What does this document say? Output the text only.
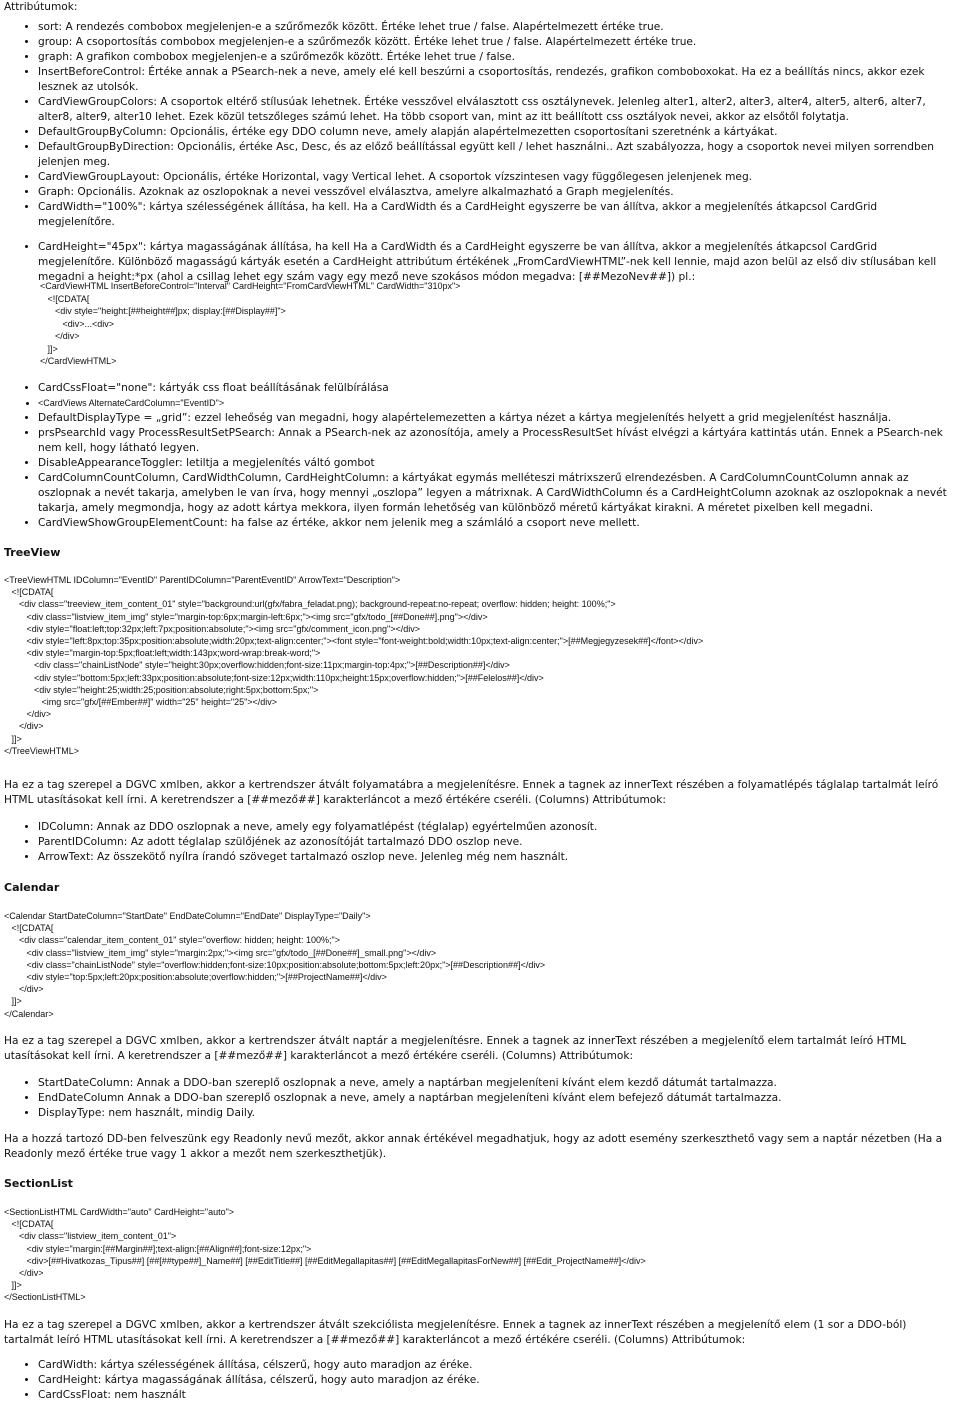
Attribútumok:

• sort: A rendezés combobox megjelenjen-e a szűrőmezők között. Értéke lehet true / false. Alapértelmezett értéke true.
• group: A csoportosítás combobox megjelenjen-e a szűrőmezők között. Értéke lehet true / false. Alapértelmezett értéke true.
• graph: A grafikon combobox megjelenjen-e a szűrőmezők között. Értéke lehet true / false.
• InsertBeforeControl: Értéke annak a PSearch-nek a neve, amely elé kell beszúrni a csoportosítás, rendezés, grafikon comboboxokat. Ha ez a beállítás nincs, akkor ezek lesznek az utolsók.
• CardViewGroupColors: A csoportok eltérő stílusúak lehetnek. Értéke vesszővel elválasztott css osztálynevek. Jelenleg alter1, alter2, alter3, alter4, alter5, alter6, alter7, alter8, alter9, alter10 lehet. Ezek közül tetszőleges számú lehet. Ha több csoport van, mint az itt beállított css osztályok nevei, akkor az elsőtől folytatja.
• DefaultGroupByColumn: Opcionális, értéke egy DDO column neve, amely alapján alapértelmezetten csoportosítani szeretnénk a kártyákat.
• DefaultGroupByDirection: Opcionális, értéke Asc, Desc, és az előző beállítással együtt kell / lehet használni.. Azt szabályozza, hogy a csoportok nevei milyen sorrendben jelenjen meg.
• CardViewGroupLayout: Opcionális, értéke Horizontal, vagy Vertical lehet. A csoportok vízszintesen vagy függőlegesen jelenjenek meg.
• Graph: Opcionális. Azoknak az oszlopoknak a nevei vesszővel elválasztva, amelyre alkalmazható a Graph megjelenítés.
• CardWidth="100%": kártya szélességének állítása, ha kell. Ha a CardWidth és a CardHeight egyszerre be van állítva, akkor a megjelenítés átkapcsol CardGrid megjelenítőre.
• CardHeight="45px": kártya magasságának állítása, ha kell Ha a CardWidth és a CardHeight egyszerre be van állítva, akkor a megjelenítés átkapcsol CardGrid megjelenítőre. Különböző magasságú kártyák esetén a CardHeight attribútum értékének „FromCardViewHTML”-nek kell lennie, majd azon belül az első div stílusában kell megadni a height:*px (ahol a csillag lehet egy szám vagy egy mező neve szokásos módon megadva: [##MezoNev##]) pl.:
<CardViewHTML InsertBeforeControl="Interval" CardHeight="FromCardViewHTML" CardWidth="310px">
<![CDATA[
<div style="height:[##height##]px; display:[##Display##]">
<div>...<div>
</div>
]]>
</CardViewHTML>
• CardCssFloat="none": kártyák css float beállításának felülbírálása
• <CardViews AlternateCardColumn="EventID">
• DefaultDisplayType = „grid”: ezzel leheőség van megadni, hogy alapértelemezetten a kártya nézet a kártya megjelenítés helyett a grid megjelenítést használja.
• prsPsearchId vagy ProcessResultSetPSearch: Annak a PSearch-nek az azonosítója, amely a ProcessResultSet hívást elvégzi a kártyára kattintás után. Ennek a PSearch-nek nem kell, hogy látható legyen.
• DisableAppearanceToggler: letiltja a megjelenítés váltó gombot
• CardColumnCountColumn, CardWidthColumn, CardHeightColumn: a kártyákat egymás melléteszi mátrixszerű elrendezésben. A CardColumnCountColumn annak az oszlopnak a nevét takarja, amelyben le van írva, hogy mennyi „oszlopa” legyen a mátrixnak. A CardWidthColumn és a CardHeightColumn azoknak az oszlopoknak a nevét takarja, amely megmondja, hogy az adott kártya mekkora, ilyen formán lehetőség van különböző méretű kártyákat kirakni. A méretet pixelben kell megadni.
• CardViewShowGroupElementCount: ha false az értéke, akkor nem jelenik meg a számláló a csoport neve mellett.

TreeView

<TreeViewHTML IDColumn="EventID" ParentIDColumn="ParentEventID" ArrowText="Description">
<![CDATA[
<div class="treeview_item_content_01" style="background:url(gfx/fabra_feladat.png); background-repeat:no-repeat; overflow: hidden; height: 100%;">
<div class="listview_item_img" style="margin-top:6px;margin-left:6px;"><img src="gfx/todo_[##Done##].png"></div>
<div style="float:left;top:32px;left:7px;position:absolute;"><img src="gfx/comment_icon.png"></div>
<div style="left:8px;top:35px;position:absolute;width:20px;text-align:center;"><font style="font-weight:bold;width:10px;text-align:center;">[##Megjegyzesek##]</font></div>
<div style="margin-top:5px;float:left;width:143px;word-wrap:break-word;">
<div class="chainListNode" style="height:30px;overflow:hidden;font-size:11px;margin-top:4px;">[##Description##]</div>
<div style="bottom:5px;left:33px;position:absolute;font-size:12px;width:110px;height:15px;overflow:hidden;">[##Felelos##]</div>
<div style="height:25;width:25;position:absolute;right:5px;bottom:5px;">
<img src="gfx/[##Ember##]" width="25" height="25"></div>
</div>
</div>
]]>
</TreeViewHTML>

Ha ez a tag szerepel a DGVC xmlben, akkor a kertrendszer átvált folyamatábra a megjelenítésre. Ennek a tagnek az innerText részében a folyamatlépés táglalap tartalmát leíró HTML utasításokat kell írni. A keretrendszer a [##mező##] karakterláncot a mező értékére cseréli. (Columns) Attribútumok:

• IDColumn: Annak az DDO oszlopnak a neve, amely egy folyamatlépést (téglalap) egyértelműen azonosít.
• ParentIDColumn: Az adott téglalap szülőjének az azonosítóját tartalmazó DDO oszlop neve.
• ArrowText: Az összekötő nyílra írandó szöveget tartalmazó oszlop neve. Jelenleg még nem használt.

Calendar

<Calendar StartDateColumn="StartDate" EndDateColumn="EndDate" DisplayType="Daily">
<![CDATA[
<div class="calendar_item_content_01" style="overflow: hidden; height: 100%;">
<div class="listview_item_img" style="margin:2px;"><img src="gfx/todo_[##Done##]_small.png"></div>
<div class="chainListNode" style="overflow:hidden;font-size:10px;position:absolute;bottom:5px;left:20px;">[##Description##]</div>
<div style="top:5px;left:20px;position:absolute;overflow:hidden;">[##ProjectName##]</div>
</div>
]]>
</Calendar>

Ha ez a tag szerepel a DGVC xmlben, akkor a kertrendszer átvált naptár a megjelenítésre. Ennek a tagnek az innerText részében a megjelenítő elem tartalmát leíró HTML utasításokat kell írni. A keretrendszer a [##mező##] karakterláncot a mező értékére cseréli. (Columns) Attribútumok:

• StartDateColumn: Annak a DDO-ban szereplő oszlopnak a neve, amely a naptárban megjeleníteni kívánt elem kezdő dátumát tartalmazza.
• EndDateColumn Annak a DDO-ban szereplő oszlopnak a neve, amely a naptárban megjeleníteni kívánt elem befejező dátumát tartalmazza.
• DisplayType: nem használt, mindig Daily.

Ha a hozzá tartozó DD-ben felveszünk egy Readonly nevű mezőt, akkor annak értékével megadhatjuk, hogy az adott esemény szerkeszthető vagy sem a naptár nézetben (Ha a Readonly mező értéke true vagy 1 akkor a mezőt nem szerkeszthetjük).

SectionList

<SectionListHTML CardWidth="auto" CardHeight="auto">
<![CDATA[
<div class="listview_item_content_01">
<div style="margin:[##Margin##];text-align:[##Align##];font-size:12px;">
<div>[##Hivatkozas_Tipus##] [##[##type##]_Name##] [##EditTitle##] [##EditMegallapitas##] [##EditMegallapitasForNew##] [##Edit_ProjectName##]</div>
</div>
]]>
</SectionListHTML>

Ha ez a tag szerepel a DGVC xmlben, akkor a kertrendszer átvált szekciólista megjelenítésre. Ennek a tagnek az innerText részében a megjelenítő elem (1 sor a DDO-ból) tartalmát leíró HTML utasításokat kell írni. A keretrendszer a [##mező##] karakterláncot a mező értékére cseréli. (Columns) Attribútumok:

• CardWidth: kártya szélességének állítása, célszerű, hogy auto maradjon az éréke.
• CardHeight: kártya magasságának állítása, célszerű, hogy auto maradjon az éréke.
• CardCssFloat: nem használt
